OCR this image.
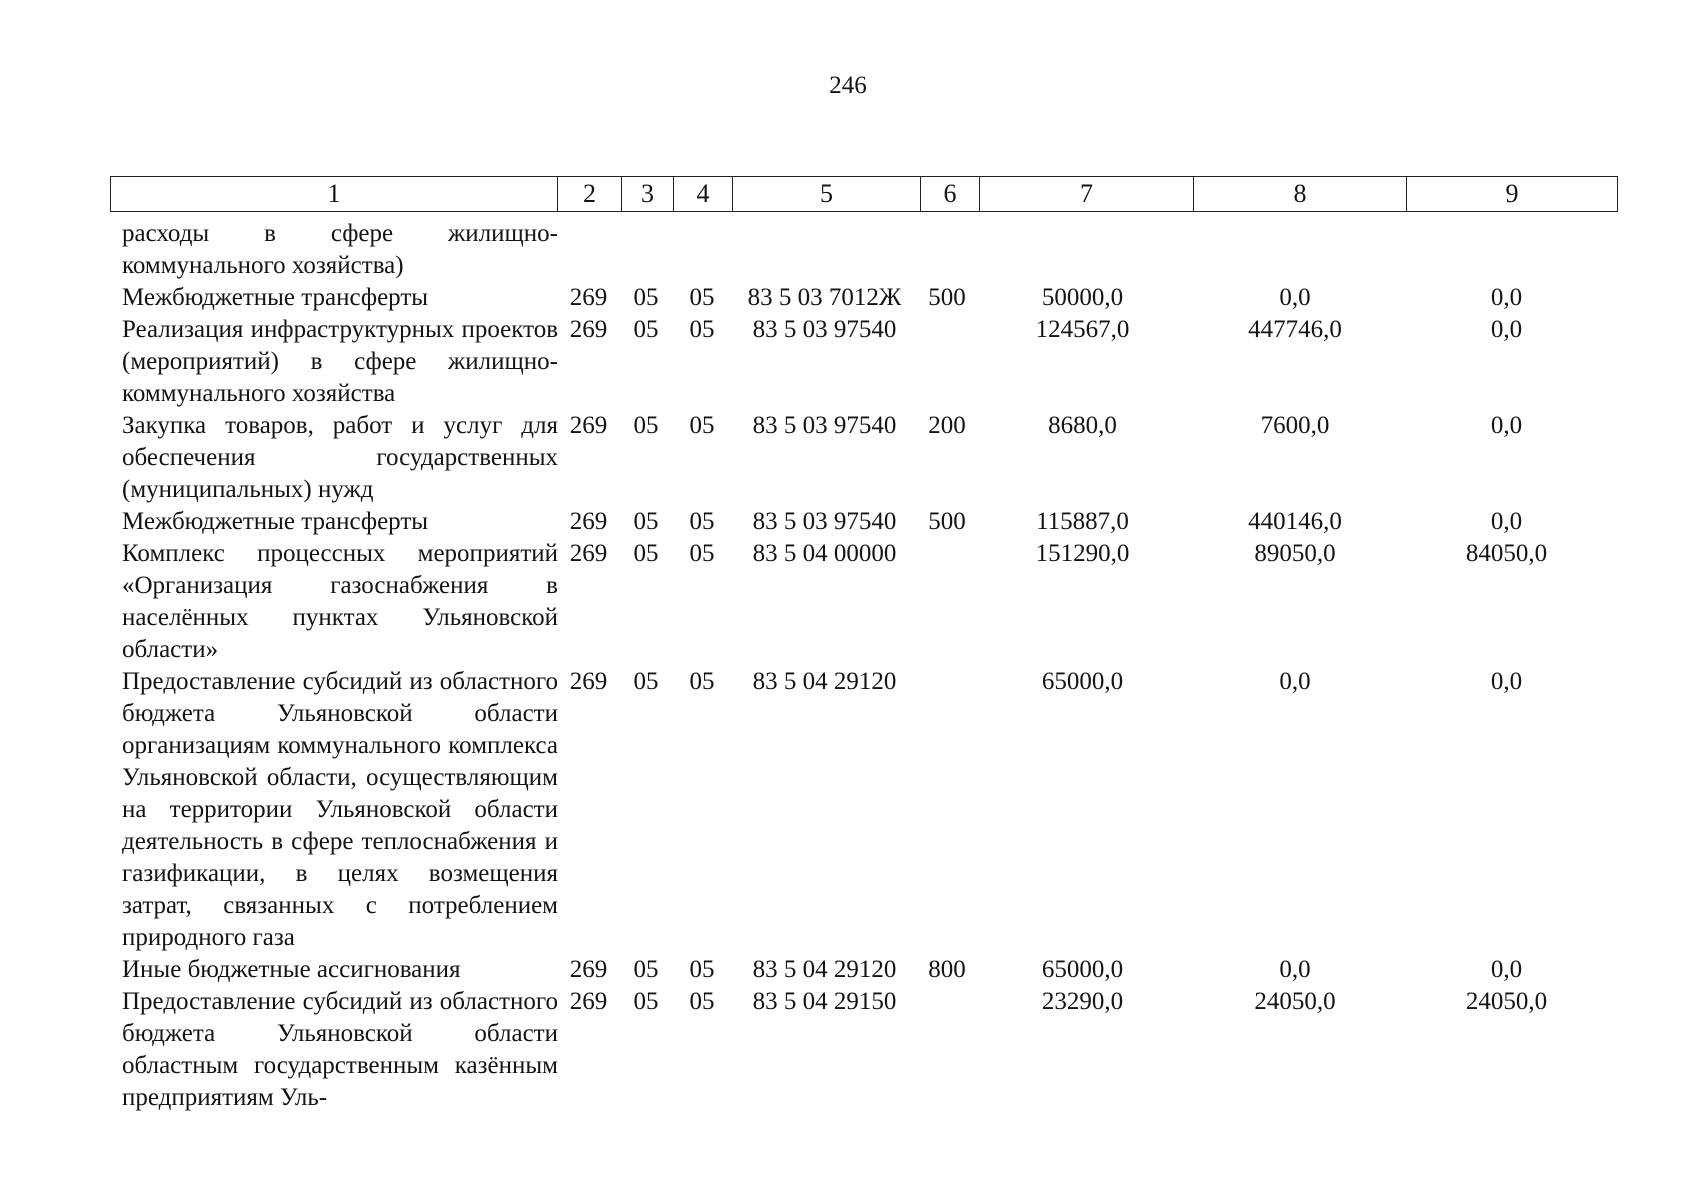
246
1	2	3	4	5	6	7	8	9
расходы в сфере жилищно-коммунального хозяйства)								
Межбюджетные трансферты	269	05	05	83 5 03 7012Ж	500	50000,0	0,0	0,0
Реализация инфраструктурных проектов (мероприятий) в сфере жилищно-коммунального хозяйства	269	05	05	83 5 03 97540		124567,0	447746,0	0,0
Закупка товаров, работ и услуг для обеспечения государственных (муниципальных) нужд	269	05	05	83 5 03 97540	200	8680,0	7600,0	0,0
Межбюджетные трансферты	269	05	05	83 5 03 97540	500	115887,0	440146,0	0,0
Комплекс процессных мероприятий «Организация газоснабжения в населённых пунктах Ульяновской области»	269	05	05	83 5 04 00000		151290,0	89050,0	84050,0
Предоставление субсидий из областного бюджета Ульяновской области организациям коммунального комплекса Ульяновской области, осуществляющим на территории Ульяновской области деятельность в сфере теплоснабжения и газификации, в целях возмещения затрат, связанных с потреблением природного газа	269	05	05	83 5 04 29120		65000,0	0,0	0,0
Иные бюджетные ассигнования	269	05	05	83 5 04 29120	800	65000,0	0,0	0,0
Предоставление субсидий из областного бюджета Ульяновской области областным государственным казённым предприятиям Уль-	269	05	05	83 5 04 29150		23290,0	24050,0	24050,0
